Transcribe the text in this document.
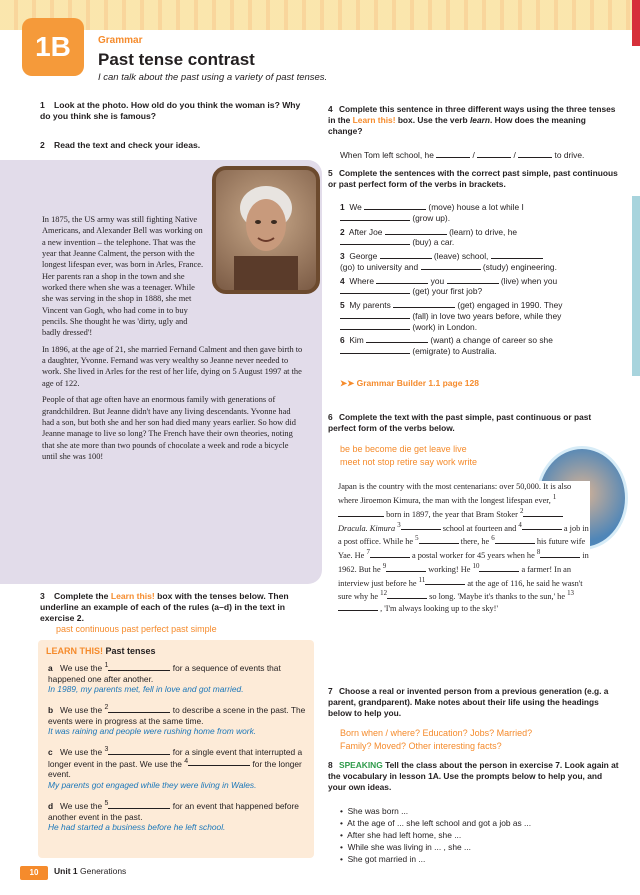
1B	Grammar
Past tense contrast
I can talk about the past using a variety of past tenses.
1 Look at the photo. How old do you think the woman is? Why do you think she is famous?
2 Read the text and check your ideas.

In 1875, the US army was still fighting Native Americans, and Alexander Bell was working on a new invention – the telephone. That was the year that Jeanne Calment, the person with the longest lifespan ever, was born in Arles, France. Her parents ran a shop in the town and she worked there when she was a teenager. While she was serving in the shop in 1888, she met Vincent van Gogh, who had come in to buy pencils. She thought he was 'dirty, ugly and badly dressed'!

In 1896, at the age of 21, she married Fernand Calment and then gave birth to a daughter, Yvonne. Fernand was very wealthy so Jeanne never needed to work. She lived in Arles for the rest of her life, dying on 5 August 1997 at the age of 122.

People of that age often have an enormous family with generations of grandchildren. But Jeanne didn't have any living descendants. Yvonne had had a son, but both she and her son had died many years earlier. So how did Jeanne manage to live so long? The French have their own theories, noting that she ate more than two pounds of chocolate a week and rode a bicycle until she was 100!

3 Complete the Learn this! box with the tenses below. Then underline an example of each of the rules (a–d) in the text in exercise 2.
past continuous past perfect past simple
LEARN THIS! Past tenses
a We use the $^1$	for a sequence of events that happened one after another.
In 1989, my parents met, fell in love and got married.
b We use the $^2$	to describe a scene in the past. The events were in progress at the same time.
It was raining and people were rushing home from work.
c We use the $^3$	for a single event that interrupted a longer event in the past. We use the $^4$	for the longer event.
My parents got engaged while they were living in Wales.
d We use the $^5$	for an event that happened before another event in the past.
He had started a business before he left school.
4 Complete this sentence in three different ways using the three tenses in the Learn this! box. Use the verb learn. How does the meaning change?
When Tom left school, he	/	/	to drive.
5 Complete the sentences with the correct past simple, past continuous or past perfect form of the verbs in brackets.
1 We	(move) house a lot while I
(grow up).
2 After Joe	(learn) to drive, he
(buy) a car.
3 George	(leave) school,
(go) to university and	(study) engineering.
4 Where	you	(live) when you
(get) your first job?
5 My parents	(get) engaged in 1990. They
(fall) in love two years before, while they
(work) in London.
6 Kim	(want) a change of career so she
(emigrate) to Australia.
➤➤ Grammar Builder 1.1 page 128
6 Complete the text with the past simple, past continuous or past perfect form of the verbs below.
be be become die get leave live
meet not stop retire say work write
Japan is the country with the most centenarians: over 50,000. It is also where Jiroemon Kimura, the man with the longest lifespan ever, $^1$ born in 1897, the year that Bram Stoker $^2$ Dracula. Kimura $^3$	school at fourteen and $^4$	a job in a post office. While he $^5$	there, he $^6$	his future wife Yae. He $^7$	a postal worker for 45 years when he $^8$	in 1962. But he $^9$	working! He $^{10}$	a farmer! In an interview just before he $^{11}$	at the age of 116, he said he wasn't sure why he $^{12}$	so long. 'Maybe it's thanks to the sun,' he $^{13}$ , 'I'm always looking up to the sky!'
7 Choose a real or invented person from a previous generation (e.g. a parent, grandparent). Make notes about their life using the headings below to help you.
Born when / where? Education? Jobs? Married?
Family? Moved? Other interesting facts?
8 SPEAKING Tell the class about the person in exercise 7. Look again at the vocabulary in lesson 1A. Use the prompts below to help you, and your own ideas.
•  She was born ...
•  At the age of ... she left school and got a job as ...
•  After she had left home, she ...
•  While she was living in ... , she ...
•  She got married in ...
10	Unit 1 Generations
